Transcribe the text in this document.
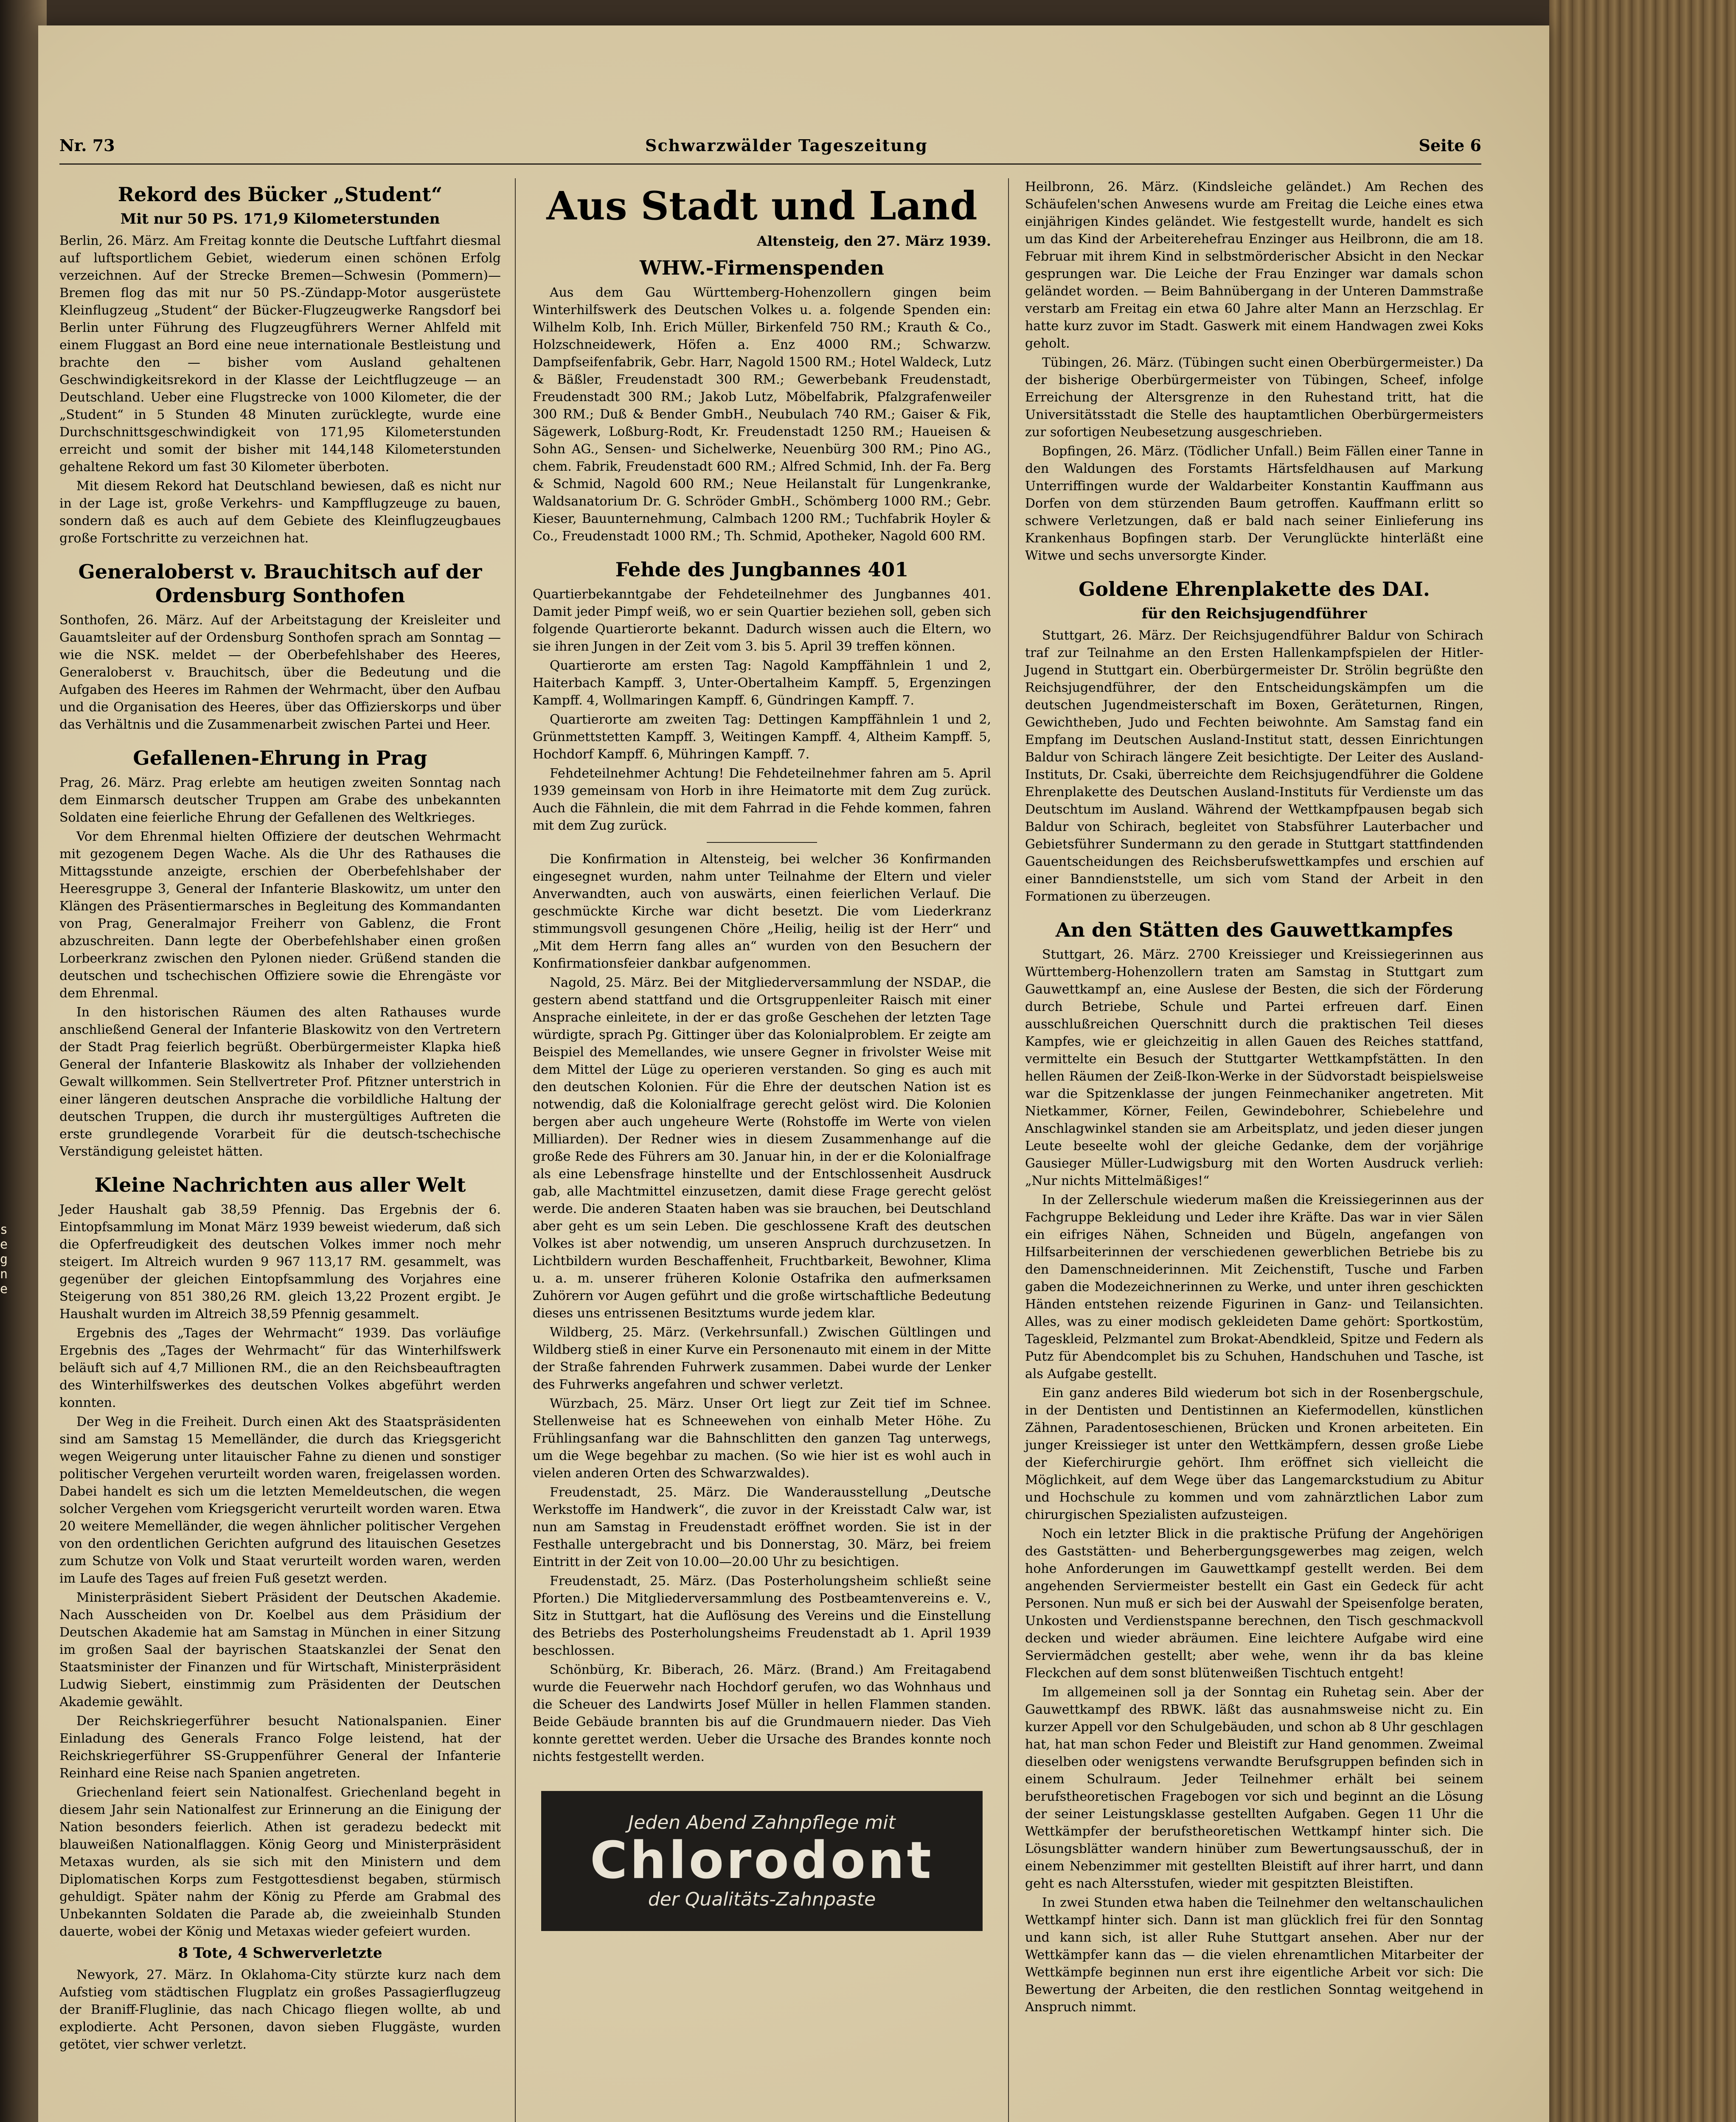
s
e
g
n
e
Nr. 73	Schwarzwälder Tageszeitung	Seite 6
Rekord des Bücker „Student“
Mit nur 50 PS. 171,9 Kilometerstunden

Berlin, 26. März. Am Freitag konnte die Deutsche Luftfahrt diesmal auf luftsportlichem Gebiet, wiederum einen schönen Erfolg verzeichnen. Auf der Strecke Bremen—Schwesin (Pommern)—Bremen flog das mit nur 50 PS.-Zündapp-Motor ausgerüstete Kleinflugzeug „Student“ der Bücker-Flugzeugwerke Rangsdorf bei Berlin unter Führung des Flugzeugführers Werner Ahlfeld mit einem Fluggast an Bord eine neue internationale Bestleistung und brachte den — bisher vom Ausland gehaltenen Geschwindigkeitsrekord in der Klasse der Leichtflugzeuge — an Deutschland. Ueber eine Flugstrecke von 1000 Kilometer, die der „Student“ in 5 Stunden 48 Minuten zurücklegte, wurde eine Durchschnittsgeschwindigkeit von 171,95 Kilometerstunden erreicht und somit der bisher mit 144,148 Kilometerstunden gehaltene Rekord um fast 30 Kilometer überboten.

Mit diesem Rekord hat Deutschland bewiesen, daß es nicht nur in der Lage ist, große Verkehrs- und Kampfflugzeuge zu bauen, sondern daß es auch auf dem Gebiete des Kleinflugzeugbaues große Fortschritte zu verzeichnen hat.

Generaloberst v. Brauchitsch auf der Ordensburg Sonthofen

Sonthofen, 26. März. Auf der Arbeitstagung der Kreisleiter und Gauamtsleiter auf der Ordensburg Sonthofen sprach am Sonntag — wie die NSK. meldet — der Oberbefehlshaber des Heeres, Generaloberst v. Brauchitsch, über die Bedeutung und die Aufgaben des Heeres im Rahmen der Wehrmacht, über den Aufbau und die Organisation des Heeres, über das Offizierskorps und über das Verhältnis und die Zusammenarbeit zwischen Partei und Heer.

Gefallenen-Ehrung in Prag

Prag, 26. März. Prag erlebte am heutigen zweiten Sonntag nach dem Einmarsch deutscher Truppen am Grabe des unbekannten Soldaten eine feierliche Ehrung der Gefallenen des Weltkrieges.

Vor dem Ehrenmal hielten Offiziere der deutschen Wehrmacht mit gezogenem Degen Wache. Als die Uhr des Rathauses die Mittagsstunde anzeigte, erschien der Oberbefehlshaber der Heeresgruppe 3, General der Infanterie Blaskowitz, um unter den Klängen des Präsentiermarsches in Begleitung des Kommandanten von Prag, Generalmajor Freiherr von Gablenz, die Front abzuschreiten. Dann legte der Oberbefehlshaber einen großen Lorbeerkranz zwischen den Pylonen nieder. Grüßend standen die deutschen und tschechischen Offiziere sowie die Ehrengäste vor dem Ehrenmal.

In den historischen Räumen des alten Rathauses wurde anschließend General der Infanterie Blaskowitz von den Vertretern der Stadt Prag feierlich begrüßt. Oberbürgermeister Klapka hieß General der Infanterie Blaskowitz als Inhaber der vollziehenden Gewalt willkommen. Sein Stellvertreter Prof. Pfitzner unterstrich in einer längeren deutschen Ansprache die vorbildliche Haltung der deutschen Truppen, die durch ihr mustergültiges Auftreten die erste grundlegende Vorarbeit für die deutsch-tschechische Verständigung geleistet hätten.

Kleine Nachrichten aus aller Welt

Jeder Haushalt gab 38,59 Pfennig. Das Ergebnis der 6. Eintopfsammlung im Monat März 1939 beweist wiederum, daß sich die Opferfreudigkeit des deutschen Volkes immer noch mehr steigert. Im Altreich wurden 9 967 113,17 RM. gesammelt, was gegenüber der gleichen Eintopfsammlung des Vorjahres eine Steigerung von 851 380,26 RM. gleich 13,22 Prozent ergibt. Je Haushalt wurden im Altreich 38,59 Pfennig gesammelt.

Ergebnis des „Tages der Wehrmacht“ 1939. Das vorläufige Ergebnis des „Tages der Wehrmacht“ für das Winterhilfswerk beläuft sich auf 4,7 Millionen RM., die an den Reichsbeauftragten des Winterhilfswerkes des deutschen Volkes abgeführt werden konnten.

Der Weg in die Freiheit. Durch einen Akt des Staatspräsidenten sind am Samstag 15 Memelländer, die durch das Kriegsgericht wegen Weigerung unter litauischer Fahne zu dienen und sonstiger politischer Vergehen verurteilt worden waren, freigelassen worden. Dabei handelt es sich um die letzten Memeldeutschen, die wegen solcher Vergehen vom Kriegsgericht verurteilt worden waren. Etwa 20 weitere Memelländer, die wegen ähnlicher politischer Vergehen von den ordentlichen Gerichten aufgrund des litauischen Gesetzes zum Schutze von Volk und Staat verurteilt worden waren, werden im Laufe des Tages auf freien Fuß gesetzt werden.

Ministerpräsident Siebert Präsident der Deutschen Akademie. Nach Ausscheiden von Dr. Koelbel aus dem Präsidium der Deutschen Akademie hat am Samstag in München in einer Sitzung im großen Saal der bayrischen Staatskanzlei der Senat den Staatsminister der Finanzen und für Wirtschaft, Ministerpräsident Ludwig Siebert, einstimmig zum Präsidenten der Deutschen Akademie gewählt.

Der Reichskriegerführer besucht Nationalspanien. Einer Einladung des Generals Franco Folge leistend, hat der Reichskriegerführer SS-Gruppenführer General der Infanterie Reinhard eine Reise nach Spanien angetreten.

Griechenland feiert sein Nationalfest. Griechenland begeht in diesem Jahr sein Nationalfest zur Erinnerung an die Einigung der Nation besonders feierlich. Athen ist geradezu bedeckt mit blauweißen Nationalflaggen. König Georg und Ministerpräsident Metaxas wurden, als sie sich mit den Ministern und dem Diplomatischen Korps zum Festgottesdienst begaben, stürmisch gehuldigt. Später nahm der König zu Pferde am Grabmal des Unbekannten Soldaten die Parade ab, die zweieinhalb Stunden dauerte, wobei der König und Metaxas wieder gefeiert wurden.

8 Tote, 4 Schwerverletzte

Newyork, 27. März. In Oklahoma-City stürzte kurz nach dem Aufstieg vom städtischen Flugplatz ein großes Passagierflugzeug der Braniff-Fluglinie, das nach Chicago fliegen wollte, ab und explodierte. Acht Personen, davon sieben Fluggäste, wurden getötet, vier schwer verletzt.

Aus Stadt und Land
Altensteig, den 27. März 1939.
WHW.-Firmenspenden

Aus dem Gau Württemberg-Hohenzollern gingen beim Winterhilfswerk des Deutschen Volkes u. a. folgende Spenden ein: Wilhelm Kolb, Inh. Erich Müller, Birkenfeld 750 RM.; Krauth & Co., Holzschneidewerk, Höfen a. Enz 4000 RM.; Schwarzw. Dampfseifenfabrik, Gebr. Harr, Nagold 1500 RM.; Hotel Waldeck, Lutz & Bäßler, Freudenstadt 300 RM.; Gewerbebank Freudenstadt, Freudenstadt 300 RM.; Jakob Lutz, Möbelfabrik, Pfalzgrafenweiler 300 RM.; Duß & Bender GmbH., Neubulach 740 RM.; Gaiser & Fik, Sägewerk, Loßburg-Rodt, Kr. Freudenstadt 1250 RM.; Haueisen & Sohn AG., Sensen- und Sichelwerke, Neuenbürg 300 RM.; Pino AG., chem. Fabrik, Freudenstadt 600 RM.; Alfred Schmid, Inh. der Fa. Berg & Schmid, Nagold 600 RM.; Neue Heilanstalt für Lungenkranke, Waldsanatorium Dr. G. Schröder GmbH., Schömberg 1000 RM.; Gebr. Kieser, Bauunternehmung, Calmbach 1200 RM.; Tuchfabrik Hoyler & Co., Freudenstadt 1000 RM.; Th. Schmid, Apotheker, Nagold 600 RM.

Fehde des Jungbannes 401

Quartierbekanntgabe der Fehdeteilnehmer des Jungbannes 401. Damit jeder Pimpf weiß, wo er sein Quartier beziehen soll, geben sich folgende Quartierorte bekannt. Dadurch wissen auch die Eltern, wo sie ihren Jungen in der Zeit vom 3. bis 5. April 39 treffen können.

Quartierorte am ersten Tag: Nagold Kampffähnlein 1 und 2, Haiterbach Kampff. 3, Unter-Obertalheim Kampff. 5, Ergenzingen Kampff. 4, Wollmaringen Kampff. 6, Gündringen Kampff. 7.

Quartierorte am zweiten Tag: Dettingen Kampffähnlein 1 und 2, Grünmettstetten Kampff. 3, Weitingen Kampff. 4, Altheim Kampff. 5, Hochdorf Kampff. 6, Mühringen Kampff. 7.

Fehdeteilnehmer Achtung! Die Fehdeteilnehmer fahren am 5. April 1939 gemeinsam von Horb in ihre Heimatorte mit dem Zug zurück. Auch die Fähnlein, die mit dem Fahrrad in die Fehde kommen, fahren mit dem Zug zurück.

Die Konfirmation in Altensteig, bei welcher 36 Konfirmanden eingesegnet wurden, nahm unter Teilnahme der Eltern und vieler Anverwandten, auch von auswärts, einen feierlichen Verlauf. Die geschmückte Kirche war dicht besetzt. Die vom Liederkranz stimmungsvoll gesungenen Chöre „Heilig, heilig ist der Herr“ und „Mit dem Herrn fang alles an“ wurden von den Besuchern der Konfirmationsfeier dankbar aufgenommen.

Nagold, 25. März. Bei der Mitgliederversammlung der NSDAP., die gestern abend stattfand und die Ortsgruppenleiter Raisch mit einer Ansprache einleitete, in der er das große Geschehen der letzten Tage würdigte, sprach Pg. Gittinger über das Kolonialproblem. Er zeigte am Beispiel des Memellandes, wie unsere Gegner in frivolster Weise mit dem Mittel der Lüge zu operieren verstanden. So ging es auch mit den deutschen Kolonien. Für die Ehre der deutschen Nation ist es notwendig, daß die Kolonialfrage gerecht gelöst wird. Die Kolonien bergen aber auch ungeheure Werte (Rohstoffe im Werte von vielen Milliarden). Der Redner wies in diesem Zusammenhange auf die große Rede des Führers am 30. Januar hin, in der er die Kolonialfrage als eine Lebensfrage hinstellte und der Entschlossenheit Ausdruck gab, alle Machtmittel einzusetzen, damit diese Frage gerecht gelöst werde. Die anderen Staaten haben was sie brauchen, bei Deutschland aber geht es um sein Leben. Die geschlossene Kraft des deutschen Volkes ist aber notwendig, um unseren Anspruch durchzusetzen. In Lichtbildern wurden Beschaffenheit, Fruchtbarkeit, Bewohner, Klima u. a. m. unserer früheren Kolonie Ostafrika den aufmerksamen Zuhörern vor Augen geführt und die große wirtschaftliche Bedeutung dieses uns entrissenen Besitztums wurde jedem klar.

Wildberg, 25. März. (Verkehrsunfall.) Zwischen Gültlingen und Wildberg stieß in einer Kurve ein Personenauto mit einem in der Mitte der Straße fahrenden Fuhrwerk zusammen. Dabei wurde der Lenker des Fuhrwerks angefahren und schwer verletzt.

Würzbach, 25. März. Unser Ort liegt zur Zeit tief im Schnee. Stellenweise hat es Schneewehen von einhalb Meter Höhe. Zu Frühlingsanfang war die Bahnschlitten den ganzen Tag unterwegs, um die Wege begehbar zu machen. (So wie hier ist es wohl auch in vielen anderen Orten des Schwarzwaldes).

Freudenstadt, 25. März. Die Wanderausstellung „Deutsche Werkstoffe im Handwerk“, die zuvor in der Kreisstadt Calw war, ist nun am Samstag in Freudenstadt eröffnet worden. Sie ist in der Festhalle untergebracht und bis Donnerstag, 30. März, bei freiem Eintritt in der Zeit von 10.00—20.00 Uhr zu besichtigen.

Freudenstadt, 25. März. (Das Posterholungsheim schließt seine Pforten.) Die Mitgliederversammlung des Postbeamtenvereins e. V., Sitz in Stuttgart, hat die Auflösung des Vereins und die Einstellung des Betriebs des Posterholungsheims Freudenstadt ab 1. April 1939 beschlossen.

Schönbürg, Kr. Biberach, 26. März. (Brand.) Am Freitagabend wurde die Feuerwehr nach Hochdorf gerufen, wo das Wohnhaus und die Scheuer des Landwirts Josef Müller in hellen Flammen standen. Beide Gebäude brannten bis auf die Grundmauern nieder. Das Vieh konnte gerettet werden. Ueber die Ursache des Brandes konnte noch nichts festgestellt werden.

Jeden Abend Zahnpflege mit
Chlorodont
der Qualitäts-Zahnpaste

Heilbronn, 26. März. (Kindsleiche geländet.) Am Rechen des Schäufelen'schen Anwesens wurde am Freitag die Leiche eines etwa einjährigen Kindes geländet. Wie festgestellt wurde, handelt es sich um das Kind der Arbeiterehefrau Enzinger aus Heilbronn, die am 18. Februar mit ihrem Kind in selbstmörderischer Absicht in den Neckar gesprungen war. Die Leiche der Frau Enzinger war damals schon geländet worden. — Beim Bahnübergang in der Unteren Dammstraße verstarb am Freitag ein etwa 60 Jahre alter Mann an Herzschlag. Er hatte kurz zuvor im Stadt. Gaswerk mit einem Handwagen zwei Koks geholt.

Tübingen, 26. März. (Tübingen sucht einen Oberbürgermeister.) Da der bisherige Oberbürgermeister von Tübingen, Scheef, infolge Erreichung der Altersgrenze in den Ruhestand tritt, hat die Universitätsstadt die Stelle des hauptamtlichen Oberbürgermeisters zur sofortigen Neubesetzung ausgeschrieben.

Bopfingen, 26. März. (Tödlicher Unfall.) Beim Fällen einer Tanne in den Waldungen des Forstamts Härtsfeldhausen auf Markung Unterriffingen wurde der Waldarbeiter Konstantin Kauffmann aus Dorfen von dem stürzenden Baum getroffen. Kauffmann erlitt so schwere Verletzungen, daß er bald nach seiner Einlieferung ins Krankenhaus Bopfingen starb. Der Verunglückte hinterläßt eine Witwe und sechs unversorgte Kinder.

Goldene Ehrenplakette des DAI.
für den Reichsjugendführer

Stuttgart, 26. März. Der Reichsjugendführer Baldur von Schirach traf zur Teilnahme an den Ersten Hallenkampfspielen der Hitler-Jugend in Stuttgart ein. Oberbürgermeister Dr. Strölin begrüßte den Reichsjugendführer, der den Entscheidungskämpfen um die deutschen Jugendmeisterschaft im Boxen, Geräteturnen, Ringen, Gewichtheben, Judo und Fechten beiwohnte. Am Samstag fand ein Empfang im Deutschen Ausland-Institut statt, dessen Einrichtungen Baldur von Schirach längere Zeit besichtigte. Der Leiter des Ausland-Instituts, Dr. Csaki, überreichte dem Reichsjugendführer die Goldene Ehrenplakette des Deutschen Ausland-Instituts für Verdienste um das Deutschtum im Ausland. Während der Wettkampfpausen begab sich Baldur von Schirach, begleitet von Stabsführer Lauterbacher und Gebietsführer Sundermann zu den gerade in Stuttgart stattfindenden Gauentscheidungen des Reichsberufswettkampfes und erschien auf einer Banndienststelle, um sich vom Stand der Arbeit in den Formationen zu überzeugen.

An den Stätten des Gauwettkampfes

Stuttgart, 26. März. 2700 Kreissieger und Kreissiegerinnen aus Württemberg-Hohenzollern traten am Samstag in Stuttgart zum Gauwettkampf an, eine Auslese der Besten, die sich der Förderung durch Betriebe, Schule und Partei erfreuen darf. Einen ausschlußreichen Querschnitt durch die praktischen Teil dieses Kampfes, wie er gleichzeitig in allen Gauen des Reiches stattfand, vermittelte ein Besuch der Stuttgarter Wettkampfstätten. In den hellen Räumen der Zeiß-Ikon-Werke in der Südvorstadt beispielsweise war die Spitzenklasse der jungen Feinmechaniker angetreten. Mit Nietkammer, Körner, Feilen, Gewindebohrer, Schiebelehre und Anschlagwinkel standen sie am Arbeitsplatz, und jeden dieser jungen Leute beseelte wohl der gleiche Gedanke, dem der vorjährige Gausieger Müller-Ludwigsburg mit den Worten Ausdruck verlieh: „Nur nichts Mittelmäßiges!“

In der Zellerschule wiederum maßen die Kreissiegerinnen aus der Fachgruppe Bekleidung und Leder ihre Kräfte. Das war in vier Sälen ein eifriges Nähen, Schneiden und Bügeln, angefangen von Hilfsarbeiterinnen der verschiedenen gewerblichen Betriebe bis zu den Damenschneiderinnen. Mit Zeichenstift, Tusche und Farben gaben die Modezeichnerinnen zu Werke, und unter ihren geschickten Händen entstehen reizende Figurinen in Ganz- und Teilansichten. Alles, was zu einer modisch gekleideten Dame gehört: Sportkostüm, Tageskleid, Pelzmantel zum Brokat-Abendkleid, Spitze und Federn als Putz für Abendcomplet bis zu Schuhen, Handschuhen und Tasche, ist als Aufgabe gestellt.

Ein ganz anderes Bild wiederum bot sich in der Rosenbergschule, in der Dentisten und Dentistinnen an Kiefermodellen, künstlichen Zähnen, Paradentoseschienen, Brücken und Kronen arbeiteten. Ein junger Kreissieger ist unter den Wettkämpfern, dessen große Liebe der Kieferchirurgie gehört. Ihm eröffnet sich vielleicht die Möglichkeit, auf dem Wege über das Langemarckstudium zu Abitur und Hochschule zu kommen und vom zahnärztlichen Labor zum chirurgischen Spezialisten aufzusteigen.

Noch ein letzter Blick in die praktische Prüfung der Angehörigen des Gaststätten- und Beherbergungsgewerbes mag zeigen, welch hohe Anforderungen im Gauwettkampf gestellt werden. Bei dem angehenden Serviermeister bestellt ein Gast ein Gedeck für acht Personen. Nun muß er sich bei der Auswahl der Speisenfolge beraten, Unkosten und Verdienstspanne berechnen, den Tisch geschmackvoll decken und wieder abräumen. Eine leichtere Aufgabe wird eine Serviermädchen gestellt; aber wehe, wenn ihr da bas kleine Fleckchen auf dem sonst blütenweißen Tischtuch entgeht!

Im allgemeinen soll ja der Sonntag ein Ruhetag sein. Aber der Gauwettkampf des RBWK. läßt das ausnahmsweise nicht zu. Ein kurzer Appell vor den Schulgebäuden, und schon ab 8 Uhr geschlagen hat, hat man schon Feder und Bleistift zur Hand genommen. Zweimal dieselben oder wenigstens verwandte Berufsgruppen befinden sich in einem Schulraum. Jeder Teilnehmer erhält bei seinem berufstheoretischen Fragebogen vor sich und beginnt an die Lösung der seiner Leistungsklasse gestellten Aufgaben. Gegen 11 Uhr die Wettkämpfer der berufstheoretischen Wettkampf hinter sich. Die Lösungsblätter wandern hinüber zum Bewertungsausschuß, der in einem Nebenzimmer mit gestellten Bleistift auf ihrer harrt, und dann geht es nach Altersstufen, wieder mit gespitzten Bleistiften.

In zwei Stunden etwa haben die Teilnehmer den weltanschaulichen Wettkampf hinter sich. Dann ist man glücklich frei für den Sonntag und kann sich, ist aller Ruhe Stuttgart ansehen. Aber nur der Wettkämpfer kann das — die vielen ehrenamtlichen Mitarbeiter der Wettkämpfe beginnen nun erst ihre eigentliche Arbeit vor sich: Die Bewertung der Arbeiten, die den restlichen Sonntag weitgehend in Anspruch nimmt.
